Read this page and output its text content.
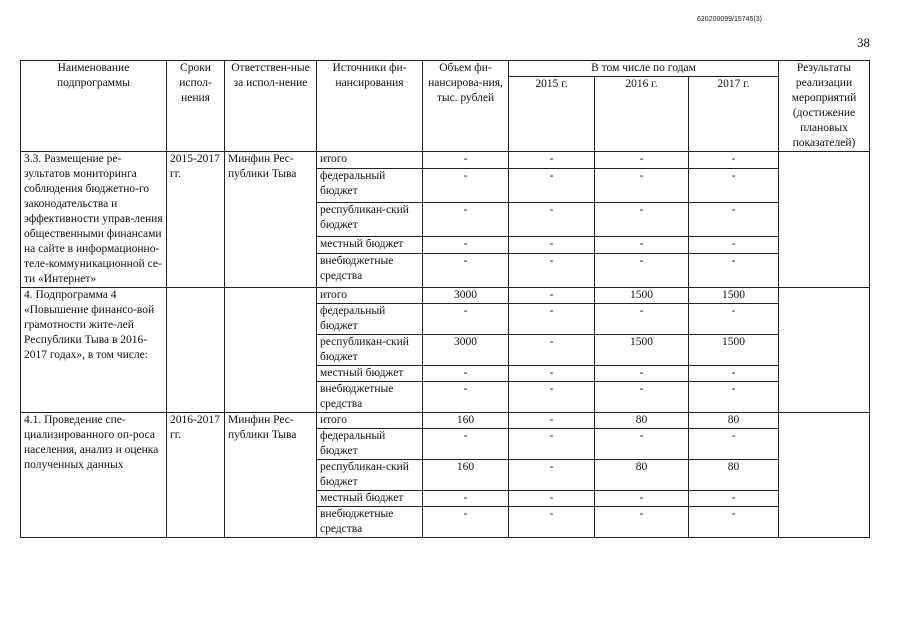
620200099/15745(3)
38
Наименование подпрограммы	Сроки испол-нения	Ответствен-ные за испол-нение	Источники фи-нансирования	Объем фи-нансирова-ния, тыс. рублей	В том числе по годам			Результаты реализации мероприятий (достижение плановых показателей)
					2015 г.	2016 г.	2017 г.	
3.3. Размещение ре-зультатов мониторинга соблюдения бюджетно-го законодательства и эффективности управ-ления общественными финансами на сайте в информационно-теле-коммуникационной се-ти «Интернет»	2015-2017 гг.	Минфин Рес-публики Тыва	итого	-	-	-	-	
			федеральный бюджет	-	-	-	-	
			республикан-ский бюджет	-	-	-	-	
			местный бюджет	-	-	-	-	
			внебюджетные средства	-	-	-	-	
4. Подпрограмма 4 «Повышение финансо-вой грамотности жите-лей Республики Тыва в 2016-2017 годах», в том числе:			итого	3000	-	1500	1500	
			федеральный бюджет	-	-	-	-	
			республикан-ский бюджет	3000	-	1500	1500	
			местный бюджет	-	-	-	-	
			внебюджетные средства	-	-	-	-	
4.1. Проведение спе-циализированного оп-роса населения, анализ и оценка полученных данных	2016-2017 гг.	Минфин Рес-публики Тыва	итого	160	-	80	80	
			федеральный бюджет	-	-	-	-	
			республикан-ский бюджет	160	-	80	80	
			местный бюджет	-	-	-	-	
			внебюджетные средства	-	-	-	-	
